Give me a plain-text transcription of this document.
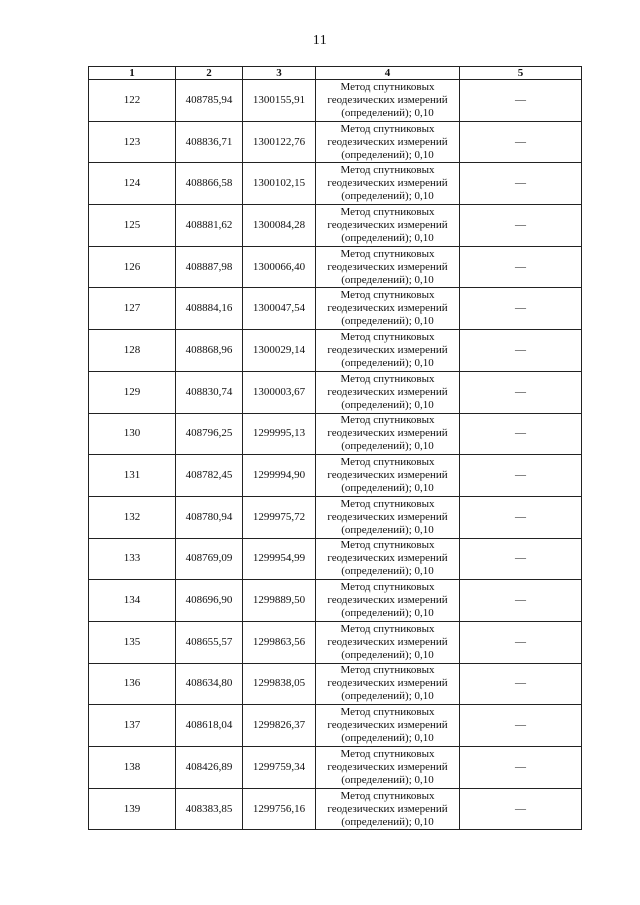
11
1	2	3	4	5
122	408785,94	1300155,91	Метод спутниковых
геодезических измерений
(определений); 0,10	—
123	408836,71	1300122,76	Метод спутниковых
геодезических измерений
(определений); 0,10	—
124	408866,58	1300102,15	Метод спутниковых
геодезических измерений
(определений); 0,10	—
125	408881,62	1300084,28	Метод спутниковых
геодезических измерений
(определений); 0,10	—
126	408887,98	1300066,40	Метод спутниковых
геодезических измерений
(определений); 0,10	—
127	408884,16	1300047,54	Метод спутниковых
геодезических измерений
(определений); 0,10	—
128	408868,96	1300029,14	Метод спутниковых
геодезических измерений
(определений); 0,10	—
129	408830,74	1300003,67	Метод спутниковых
геодезических измерений
(определений); 0,10	—
130	408796,25	1299995,13	Метод спутниковых
геодезических измерений
(определений); 0,10	—
131	408782,45	1299994,90	Метод спутниковых
геодезических измерений
(определений); 0,10	—
132	408780,94	1299975,72	Метод спутниковых
геодезических измерений
(определений); 0,10	—
133	408769,09	1299954,99	Метод спутниковых
геодезических измерений
(определений); 0,10	—
134	408696,90	1299889,50	Метод спутниковых
геодезических измерений
(определений); 0,10	—
135	408655,57	1299863,56	Метод спутниковых
геодезических измерений
(определений); 0,10	—
136	408634,80	1299838,05	Метод спутниковых
геодезических измерений
(определений); 0,10	—
137	408618,04	1299826,37	Метод спутниковых
геодезических измерений
(определений); 0,10	—
138	408426,89	1299759,34	Метод спутниковых
геодезических измерений
(определений); 0,10	—
139	408383,85	1299756,16	Метод спутниковых
геодезических измерений
(определений); 0,10	—
